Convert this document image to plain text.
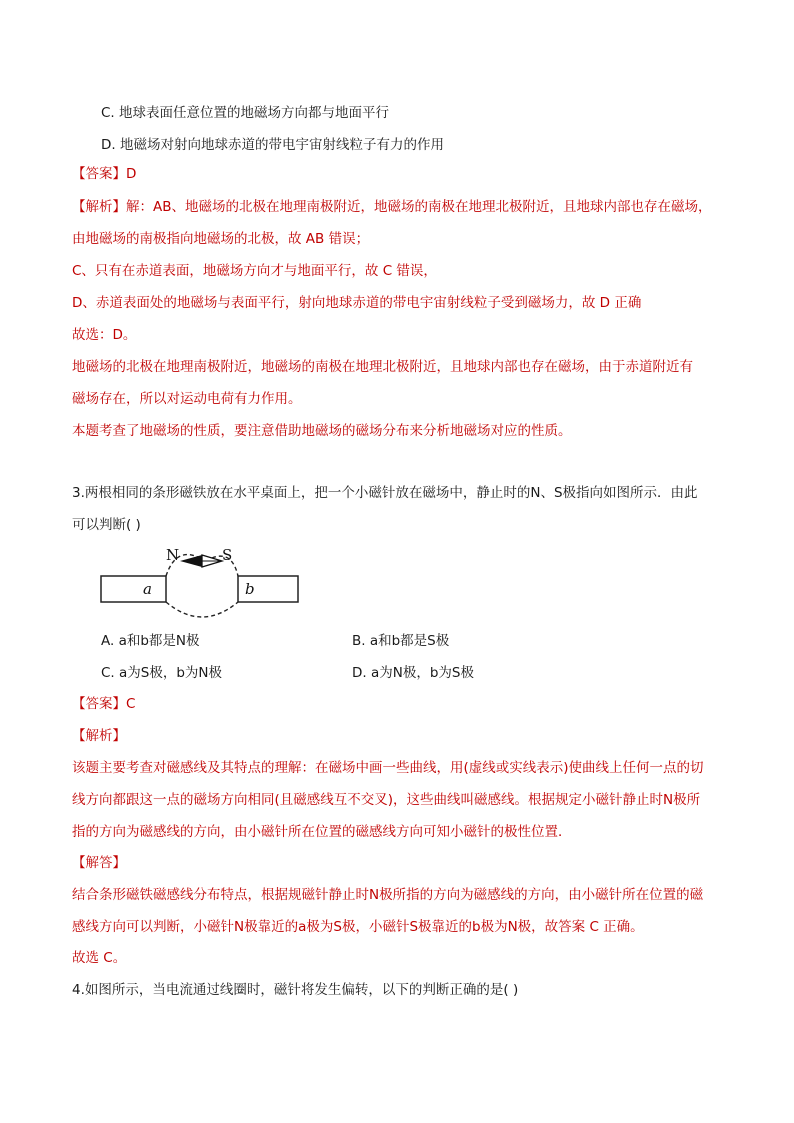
C. 地球表面任意位置的地磁场方向都与地面平行
D. 地磁场对射向地球赤道的带电宇宙射线粒子有力的作用
【答案】D
【解析】解：AB、地磁场的北极在地理南极附近，地磁场的南极在地理北极附近，且地球内部也存在磁场，
由地磁场的南极指向地磁场的北极，故 AB 错误；
C、只有在赤道表面，地磁场方向才与地面平行，故 C 错误，
D、赤道表面处的地磁场与表面平行，射向地球赤道的带电宇宙射线粒子受到磁场力，故 D 正确
故选：D。
地磁场的北极在地理南极附近，地磁场的南极在地理北极附近，且地球内部也存在磁场，由于赤道附近有
磁场存在，所以对运动电荷有力作用。
本题考查了地磁场的性质，要注意借助地磁场的磁场分布来分析地磁场对应的性质。
3.两根相同的条形磁铁放在水平桌面上，把一个小磁针放在磁场中，静止时的N、S极指向如图所示．由此
可以判断( )
N	S
a	b
A. a和b都是N极	B. a和b都是S极
C. a为S极，b为N极	D. a为N极，b为S极
【答案】C
【解析】
该题主要考查对磁感线及其特点的理解：在磁场中画一些曲线，用(虚线或实线表示)使曲线上任何一点的切
线方向都跟这一点的磁场方向相同(且磁感线互不交叉)，这些曲线叫磁感线。根据规定小磁针静止时N极所
指的方向为磁感线的方向，由小磁针所在位置的磁感线方向可知小磁针的极性位置．
【解答】
结合条形磁铁磁感线分布特点，根据规磁针静止时N极所指的方向为磁感线的方向，由小磁针所在位置的磁
感线方向可以判断，小磁针N极靠近的a极为S极，小磁针S极靠近的b极为N极，故答案 C 正确。
故选 C。
4.如图所示，当电流通过线圈时，磁针将发生偏转，以下的判断正确的是( )
